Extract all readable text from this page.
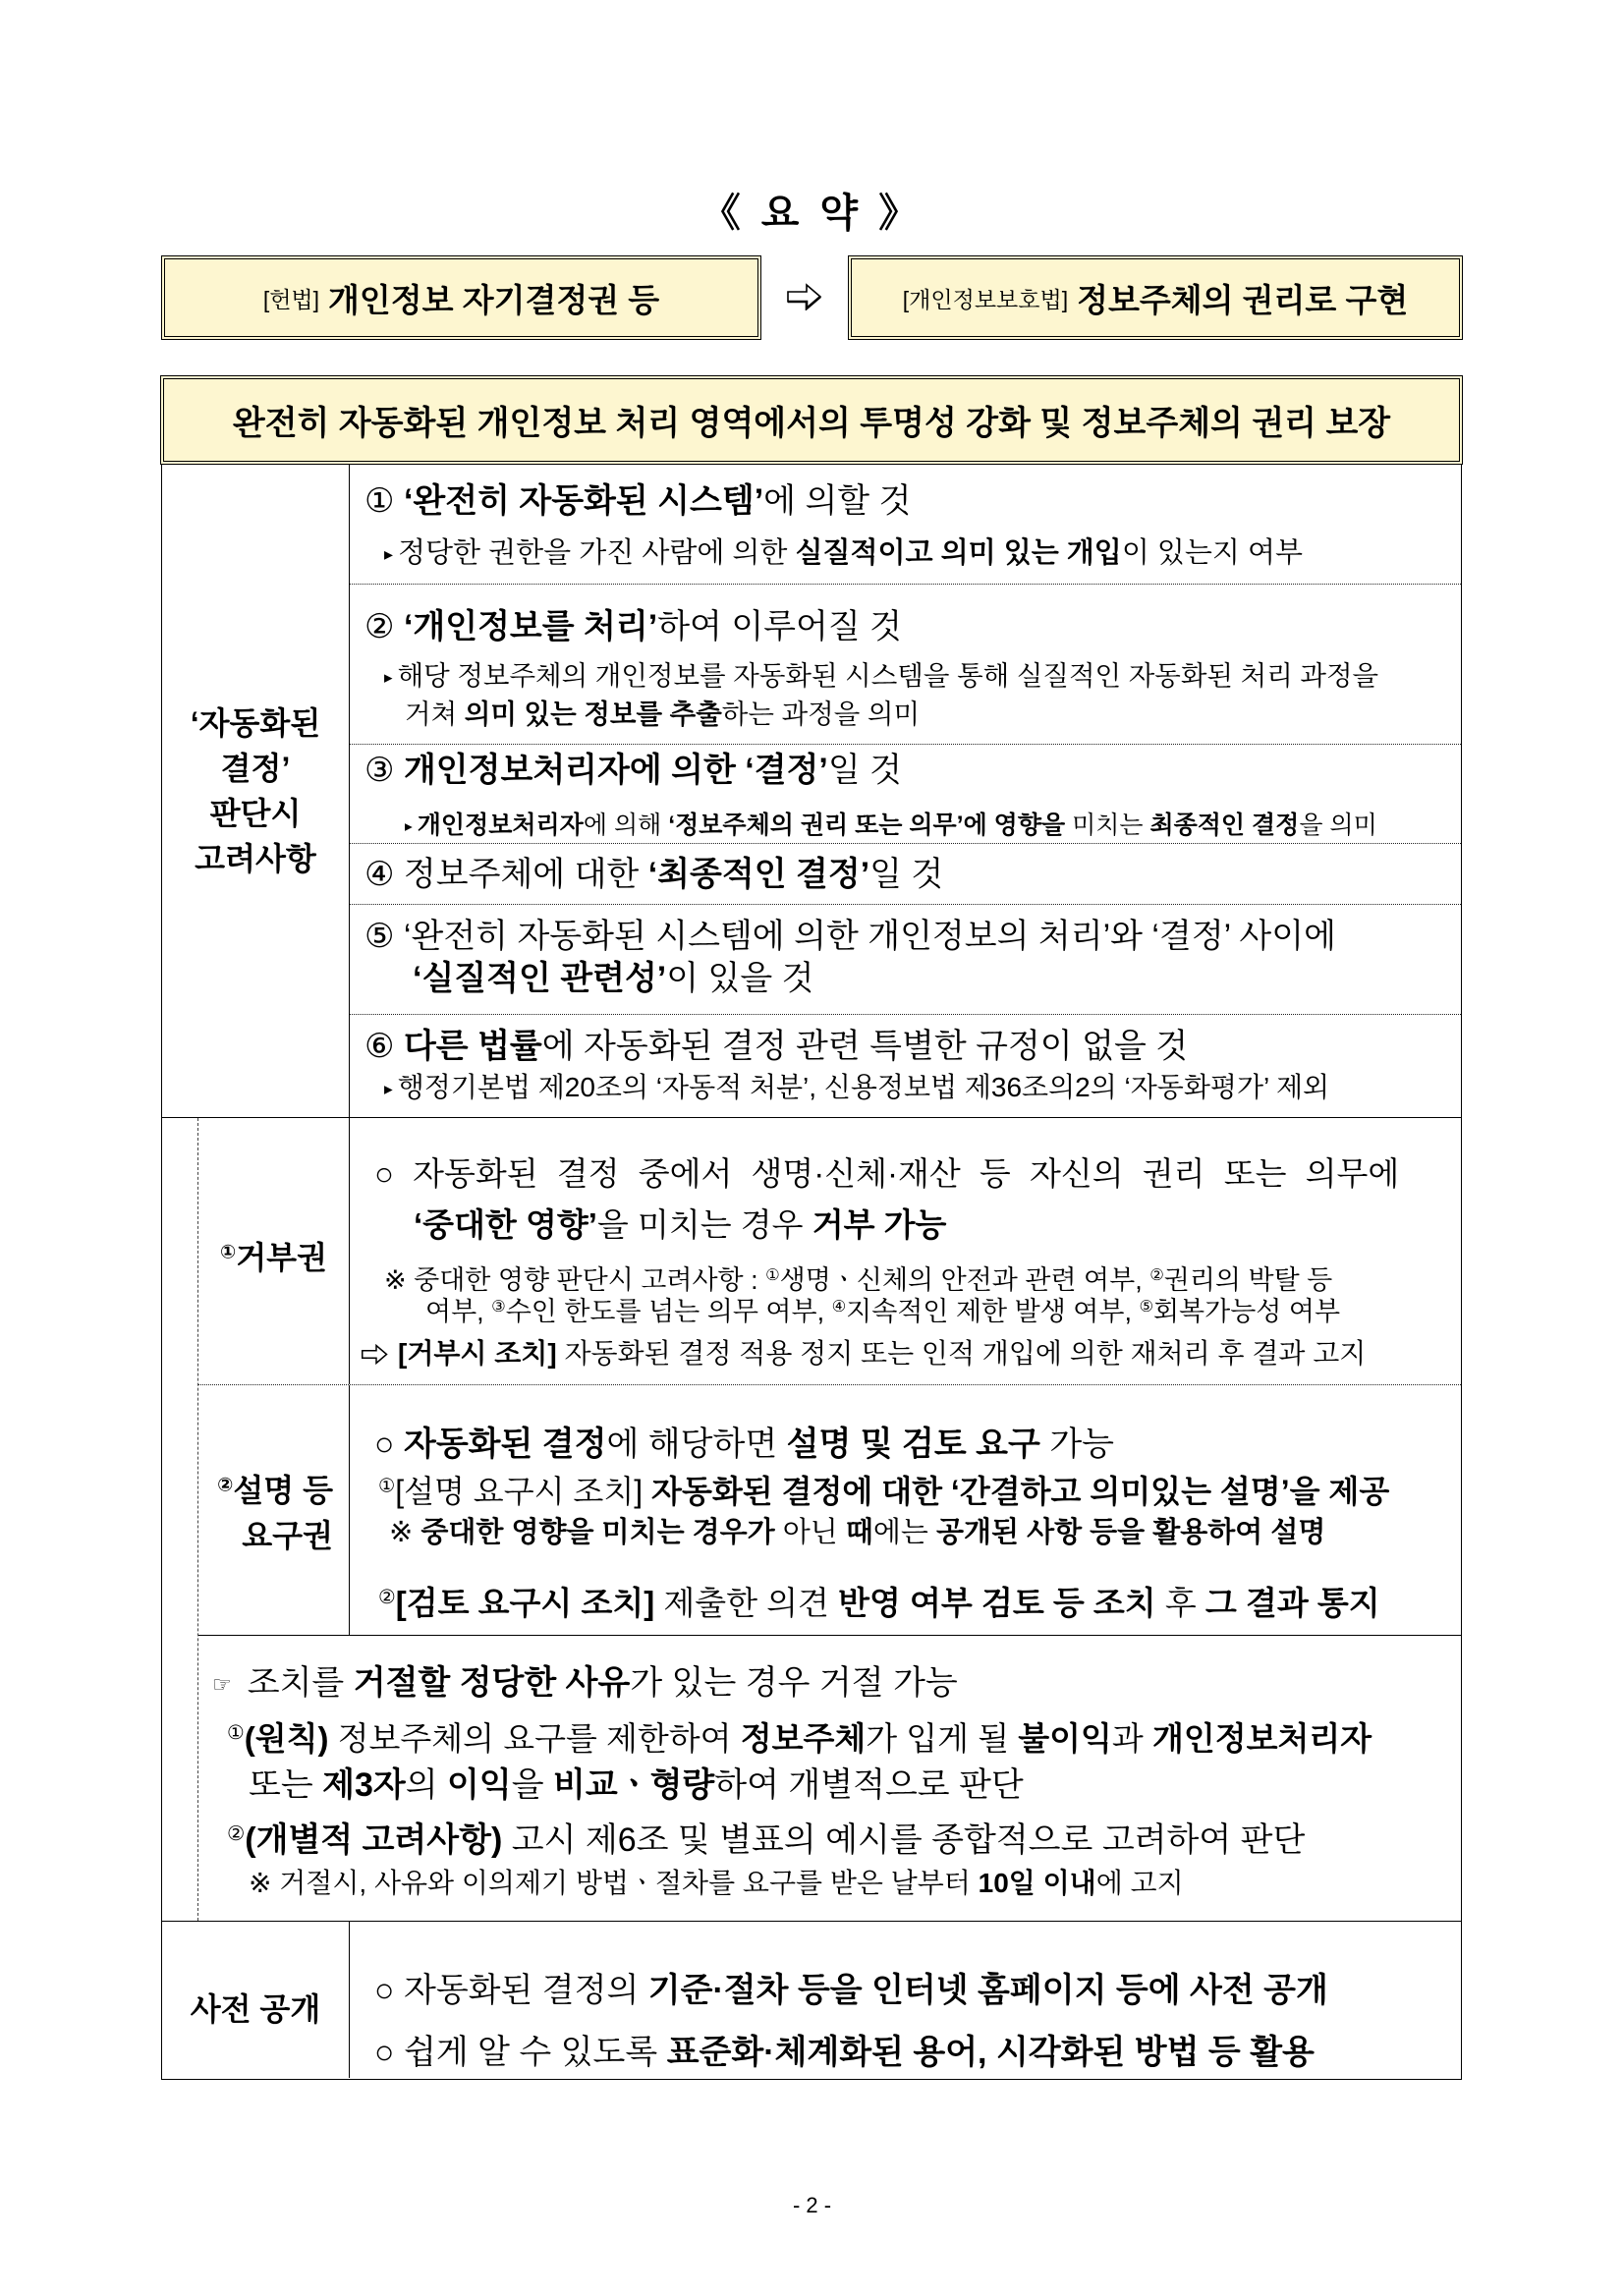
《 요 약 》
[헌법] 개인정보 자기결정권 등	[개인정보보호법] 정보주체의 권리로 구현
완전히 자동화된 개인정보 처리 영역에서의 투명성 강화 및 정보주체의 권리 보장
‘자동화된
결정’
판단시
고려사항
① ‘완전히 자동화된 시스템’에 의할 것
▸ 정당한 권한을 가진 사람에 의한 실질적이고 의미 있는 개입이 있는지 여부
② ‘개인정보를 처리’하여 이루어질 것
▸ 해당 정보주체의 개인정보를 자동화된 시스템을 통해 실질적인 자동화된 처리 과정을
거쳐 의미 있는 정보를 추출하는 과정을 의미
③ 개인정보처리자에 의한 ‘결정’일 것
▸ 개인정보처리자에 의해 ‘정보주체의 권리 또는 의무’에 영향을 미치는 최종적인 결정을 의미
④ 정보주체에 대한 ‘최종적인 결정’일 것
⑤ ‘완전히 자동화된 시스템에 의한 개인정보의 처리’와 ‘결정’ 사이에
‘실질적인 관련성’이 있을 것
⑥ 다른 법률에 자동화된 결정 관련 특별한 규정이 없을 것
▸ 행정기본법 제20조의 ‘자동적 처분’, 신용정보법 제36조의2의 ‘자동화평가’ 제외
①거부권
○ 자동화된 결정 중에서 생명·신체·재산 등 자신의 권리 또는 의무에
‘중대한 영향’을 미치는 경우 거부 가능
※ 중대한 영향 판단시 고려사항 : ①생명ㆍ신체의 안전과 관련 여부, ②권리의 박탈 등
여부, ③수인 한도를 넘는 의무 여부, ④지속적인 제한 발생 여부, ⑤회복가능성 여부
[거부시 조치] 자동화된 결정 적용 정지 또는 인적 개입에 의한 재처리 후 결과 고지
②설명 등
요구권
○ 자동화된 결정에 해당하면 설명 및 검토 요구 가능
①[설명 요구시 조치] 자동화된 결정에 대한 ‘간결하고 의미있는 설명’을 제공
※ 중대한 영향을 미치는 경우가 아닌 때에는 공개된 사항 등을 활용하여 설명
②[검토 요구시 조치] 제출한 의견 반영 여부 검토 등 조치 후 그 결과 통지
☞ 조치를 거절할 정당한 사유가 있는 경우 거절 가능
①(원칙) 정보주체의 요구를 제한하여 정보주체가 입게 될 불이익과 개인정보처리자
또는 제3자의 이익을 비교ㆍ형량하여 개별적으로 판단
②(개별적 고려사항) 고시 제6조 및 별표의 예시를 종합적으로 고려하여 판단
※ 거절시, 사유와 이의제기 방법ㆍ절차를 요구를 받은 날부터 10일 이내에 고지
사전 공개 ○ 자동화된 결정의 기준·절차 등을 인터넷 홈페이지 등에 사전 공개
○ 쉽게 알 수 있도록 표준화·체계화된 용어, 시각화된 방법 등 활용
- 2 -
